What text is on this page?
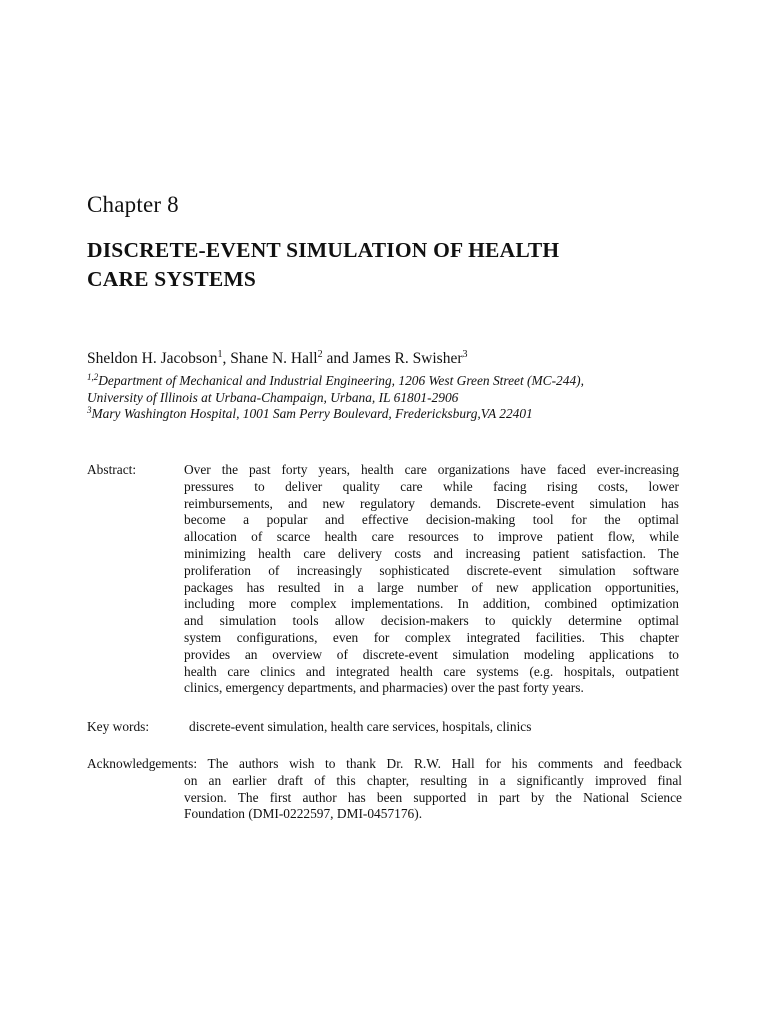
Chapter 8
DISCRETE-EVENT SIMULATION OF HEALTH
CARE SYSTEMS
Sheldon H. Jacobson$^1$, Shane N. Hall$^2$ and James R. Swisher$^3$
$^{1,2}$Department of Mechanical and Industrial Engineering, 1206 West Green Street (MC-244),
University of Illinois at Urbana-Champaign, Urbana, IL 61801-2906
$^3$Mary Washington Hospital, 1001 Sam Perry Boulevard, Fredericksburg,VA 22401
Abstract:	Over the past forty years, health care organizations have faced ever-increasing
pressures to deliver quality care while facing rising costs, lower
reimbursements, and new regulatory demands. Discrete-event simulation has
become a popular and effective decision-making tool for the optimal
allocation of scarce health care resources to improve patient flow, while
minimizing health care delivery costs and increasing patient satisfaction. The
proliferation of increasingly sophisticated discrete-event simulation software
packages has resulted in a large number of new application opportunities,
including more complex implementations. In addition, combined optimization
and simulation tools allow decision-makers to quickly determine optimal
system configurations, even for complex integrated facilities. This chapter
provides an overview of discrete-event simulation modeling applications to
health care clinics and integrated health care systems (e.g. hospitals, outpatient
clinics, emergency departments, and pharmacies) over the past forty years.
Key words:	discrete-event simulation, health care services, hospitals, clinics
Acknowledgements: The authors wish to thank Dr. R.W. Hall for his comments and feedback
on an earlier draft of this chapter, resulting in a significantly improved final
version. The first author has been supported in part by the National Science
Foundation (DMI-0222597, DMI-0457176).
